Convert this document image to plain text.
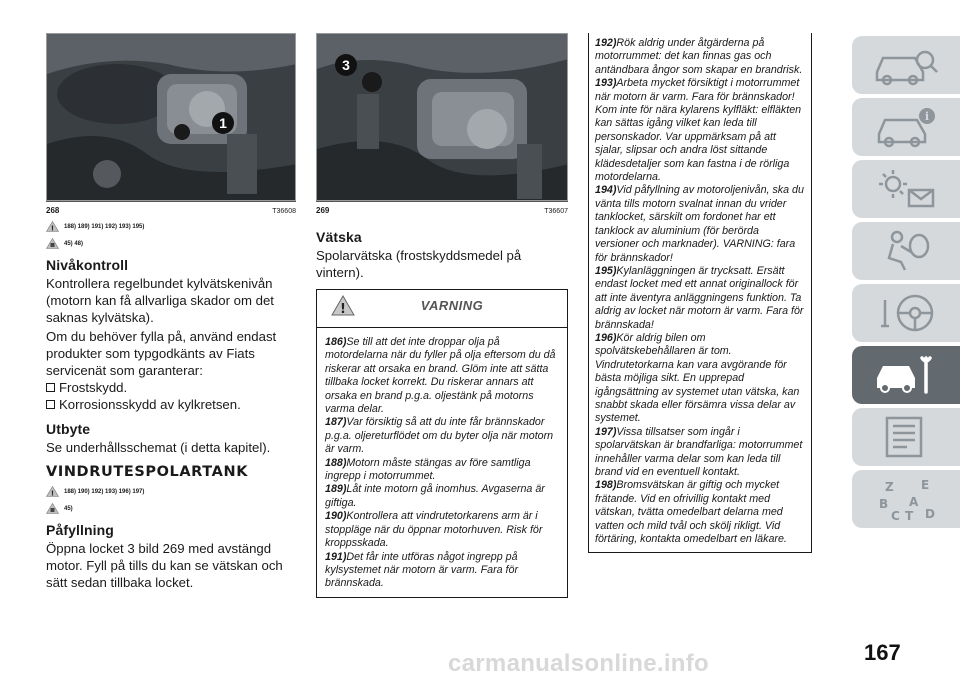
1
268	T36608
! 188) 189) 191) 192) 193) 195)
45) 48)
Nivåkontroll

Kontrollera regelbundet kylvätskenivån (motorn kan få allvarliga skador om det saknas kylvätska).

Om du behöver fylla på, använd endast produkter som typgodkänts av Fiats servicenät som garanterar:

Frostskydd.
Korrosionsskydd av kylkretsen.
Utbyte

Se underhållsschemat (i detta kapitel).

VINDRUTESPOLARTANK
! 188) 190) 192) 193) 196) 197)
45)
Påfyllning

Öppna locket 3 bild 269 med avstängd motor. Fyll på tills du kan se vätskan och sätt sedan tillbaka locket.

3
269	T36607
Vätska

Spolarvätska (frostskyddsmedel på vintern).

!	VARNING

186)Se till att det inte droppar olja på motordelarna när du fyller på olja eftersom du då riskerar att orsaka en brand. Glöm inte att sätta tillbaka locket korrekt. Du riskerar annars att orsaka en brand p.g.a. oljestänk på motorns varma delar.

187)Var försiktig så att du inte får brännskador p.g.a. oljereturflödet om du byter olja när motorn är varm.

188)Motorn måste stängas av före samtliga ingrepp i motorrummet.

189)Låt inte motorn gå inomhus. Avgaserna är giftiga.

190)Kontrollera att vindrutetorkarens arm är i stoppläge när du öppnar motorhuven. Risk för kroppsskada.

191)Det får inte utföras något ingrepp på kylsystemet när motorn är varm. Fara för brännskada.

192)Rök aldrig under åtgärderna på motorrummet: det kan finnas gas och antändbara ångor som skapar en brandrisk.

193)Arbeta mycket försiktigt i motorrummet när motorn är varm. Fara för brännskador! Kom inte för nära kylarens kylfläkt: elfläkten kan sättas igång vilket kan leda till personskador. Var uppmärksam på att sjalar, slipsar och andra löst sittande klädesdetaljer som kan fastna i de rörliga motordelarna.

194)Vid påfyllning av motoroljenivån, ska du vänta tills motorn svalnat innan du vrider tanklocket, särskilt om fordonet har ett tanklock av aluminium (för berörda versioner och marknader). VARNING: fara för brännskador!

195)Kylanläggningen är trycksatt. Ersätt endast locket med ett annat originallock för att inte äventyra anläggningens funktion. Ta aldrig av locket när motorn är varm. Fara för brännskada!

196)Kör aldrig bilen om spolvätskebehållaren är tom. Vindrutetorkarna kan vara avgörande för bästa möjliga sikt. En upprepad igångsättning av systemet utan vätska, kan snabbt skada eller försämra vissa delar av systemet.

197)Vissa tillsatser som ingår i spolarvätskan är brandfarliga: motorrummet innehåller varma delar som kan leda till brand vid en eventuell kontakt.

198)Bromsvätskan är giftig och mycket frätande. Vid en ofrivillig kontakt med vätskan, tvätta omedelbart delarna med vatten och mild tvål och skölj rikligt. Vid förtäring, kontakta omedelbart en läkare.

i
Z E
B A
C T D
carmanualsonline.info	167
